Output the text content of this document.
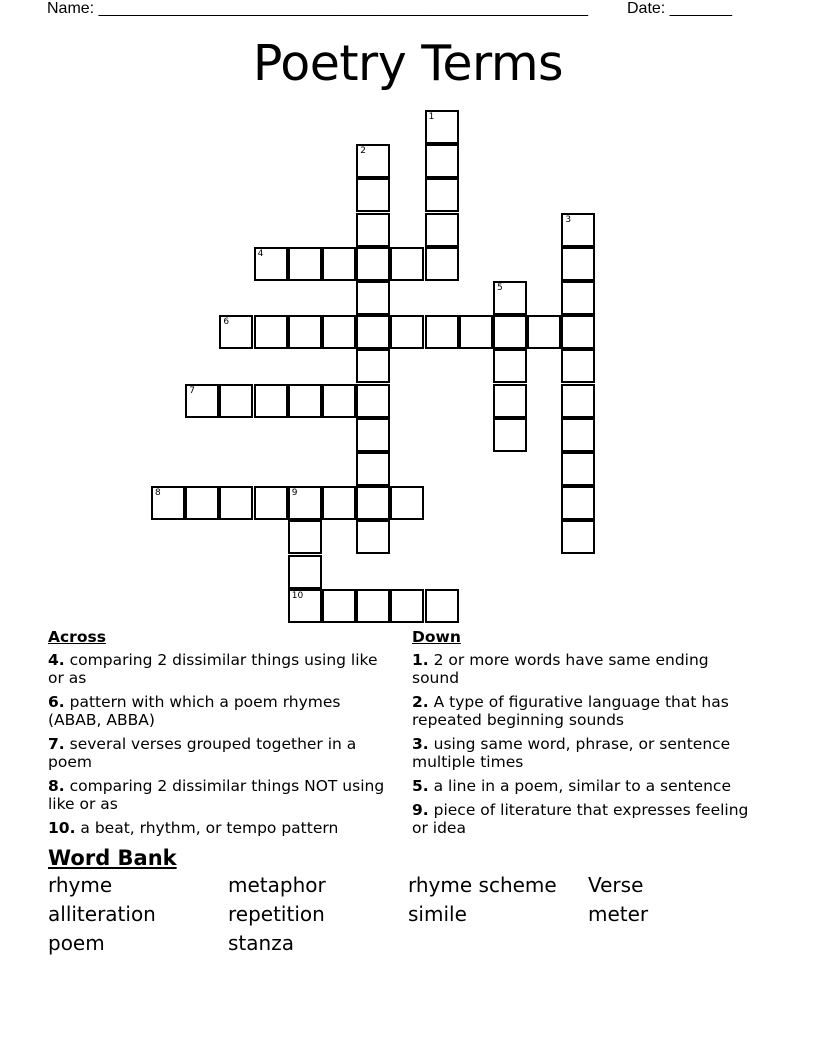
Name: _______________________________________________________ Date: _______
Poetry Terms
4
6
7
8	9
10
1
2
3
5
Across
4. comparing 2 dissimilar things using like or as
6. pattern with which a poem rhymes (ABAB, ABBA)
7. several verses grouped together in a poem
8. comparing 2 dissimilar things NOT using like or as
10. a beat, rhythm, or tempo pattern
Down
1. 2 or more words have same ending sound
2. A type of figurative language that has repeated beginning sounds
3. using same word, phrase, or sentence multiple times
5. a line in a poem, similar to a sentence
9. piece of literature that expresses feeling or idea
Word Bank
rhyme	metaphor	rhyme scheme	Verse
alliteration	repetition	simile	meter
poem	stanza
